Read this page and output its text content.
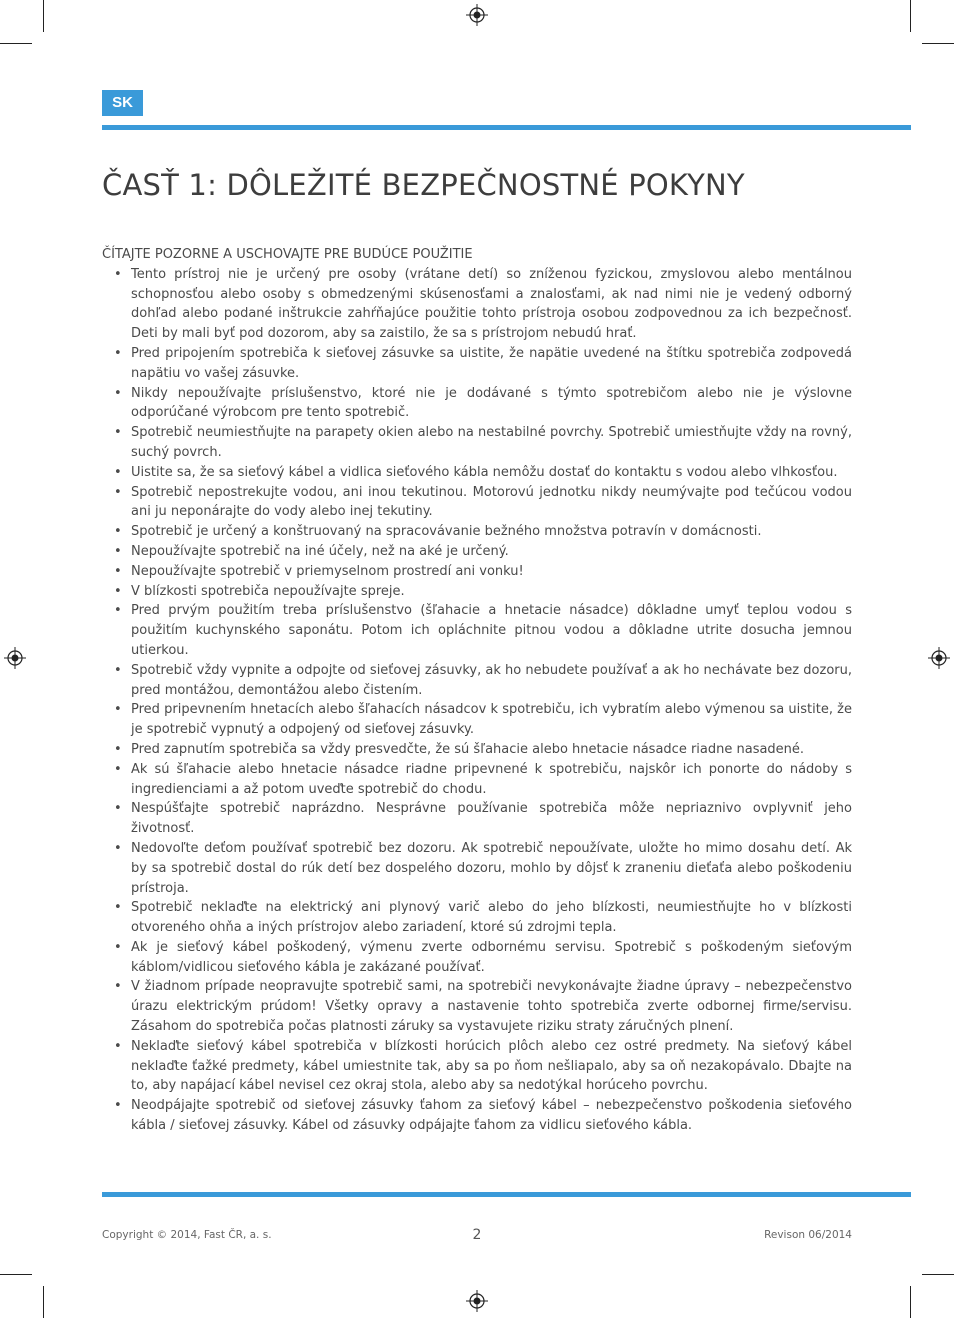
SK
ČASŤ 1: DÔLEŽITÉ BEZPEČNOSTNÉ POKYNY

ČÍTAJTE POZORNE A USCHOVAJTE PRE BUDÚCE POUŽITIE

• Tento prístroj nie je určený pre osoby (vrátane detí) so zníženou fyzickou, zmyslovou alebo mentálnou schopnosťou alebo osoby s obmedzenými skúsenosťami a znalosťami, ak nad nimi nie je vedený odborný dohľad alebo podané inštrukcie zahŕňajúce použitie tohto prístroja osobou zodpovednou za ich bezpečnosť. Deti by mali byť pod dozorom, aby sa zaistilo, že sa s prístrojom nebudú hrať.
• Pred pripojením spotrebiča k sieťovej zásuvke sa uistite, že napätie uvedené na štítku spotrebiča zodpovedá napätiu vo vašej zásuvke.
• Nikdy nepoužívajte príslušenstvo, ktoré nie je dodávané s týmto spotrebičom alebo nie je výslovne odporúčané výrobcom pre tento spotrebič.
• Spotrebič neumiestňujte na parapety okien alebo na nestabilné povrchy. Spotrebič umiestňujte vždy na rovný, suchý povrch.
• Uistite sa, že sa sieťový kábel a vidlica sieťového kábla nemôžu dostať do kontaktu s vodou alebo vlhkosťou.
• Spotrebič nepostrekujte vodou, ani inou tekutinou. Motorovú jednotku nikdy neumývajte pod tečúcou vodou ani ju neponárajte do vody alebo inej tekutiny.
• Spotrebič je určený a konštruovaný na spracovávanie bežného množstva potravín v domácnosti.
• Nepoužívajte spotrebič na iné účely, než na aké je určený.
• Nepoužívajte spotrebič v priemyselnom prostredí ani vonku!
• V blízkosti spotrebiča nepoužívajte spreje.
• Pred prvým použitím treba príslušenstvo (šľahacie a hnetacie násadce) dôkladne umyť teplou vodou s použitím kuchynského saponátu. Potom ich opláchnite pitnou vodou a dôkladne utrite dosucha jemnou utierkou.
• Spotrebič vždy vypnite a odpojte od sieťovej zásuvky, ak ho nebudete používať a ak ho nechávate bez dozoru, pred montážou, demontážou alebo čistením.
• Pred pripevnením hnetacích alebo šľahacích násadcov k spotrebiču, ich vybratím alebo výmenou sa uistite, že je spotrebič vypnutý a odpojený od sieťovej zásuvky.
• Pred zapnutím spotrebiča sa vždy presvedčte, že sú šľahacie alebo hnetacie násadce riadne nasadené.
• Ak sú šľahacie alebo hnetacie násadce riadne pripevnené k spotrebiču, najskôr ich ponorte do nádoby s ingredienciami a až potom uveďte spotrebič do chodu.
• Nespúšťajte spotrebič naprázdno. Nesprávne používanie spotrebiča môže nepriaznivo ovplyvniť jeho životnosť.
• Nedovoľte deťom používať spotrebič bez dozoru. Ak spotrebič nepoužívate, uložte ho mimo dosahu detí. Ak by sa spotrebič dostal do rúk detí bez dospelého dozoru, mohlo by dôjsť k zraneniu dieťaťa alebo poškodeniu prístroja.
• Spotrebič neklaďte na elektrický ani plynový varič alebo do jeho blízkosti, neumiestňujte ho v blízkosti otvoreného ohňa a iných prístrojov alebo zariadení, ktoré sú zdrojmi tepla.
• Ak je sieťový kábel poškodený, výmenu zverte odbornému servisu. Spotrebič s poškodeným sieťovým káblom/vidlicou sieťového kábla je zakázané používať.
• V žiadnom prípade neopravujte spotrebič sami, na spotrebiči nevykonávajte žiadne úpravy – nebezpečenstvo úrazu elektrickým prúdom! Všetky opravy a nastavenie tohto spotrebiča zverte odbornej firme/servisu. Zásahom do spotrebiča počas platnosti záruky sa vystavujete riziku straty záručných plnení.
• Neklaďte sieťový kábel spotrebiča v blízkosti horúcich plôch alebo cez ostré predmety. Na sieťový kábel neklaďte ťažké predmety, kábel umiestnite tak, aby sa po ňom nešliapalo, aby sa oň nezakopávalo. Dbajte na to, aby napájací kábel nevisel cez okraj stola, alebo aby sa nedotýkal horúceho povrchu.
• Neodpájajte spotrebič od sieťovej zásuvky ťahom za sieťový kábel – nebezpečenstvo poškodenia sieťového kábla / sieťovej zásuvky. Kábel od zásuvky odpájajte ťahom za vidlicu sieťového kábla.
Copyright © 2014, Fast ČR, a. s.	2	Revison 06/2014
